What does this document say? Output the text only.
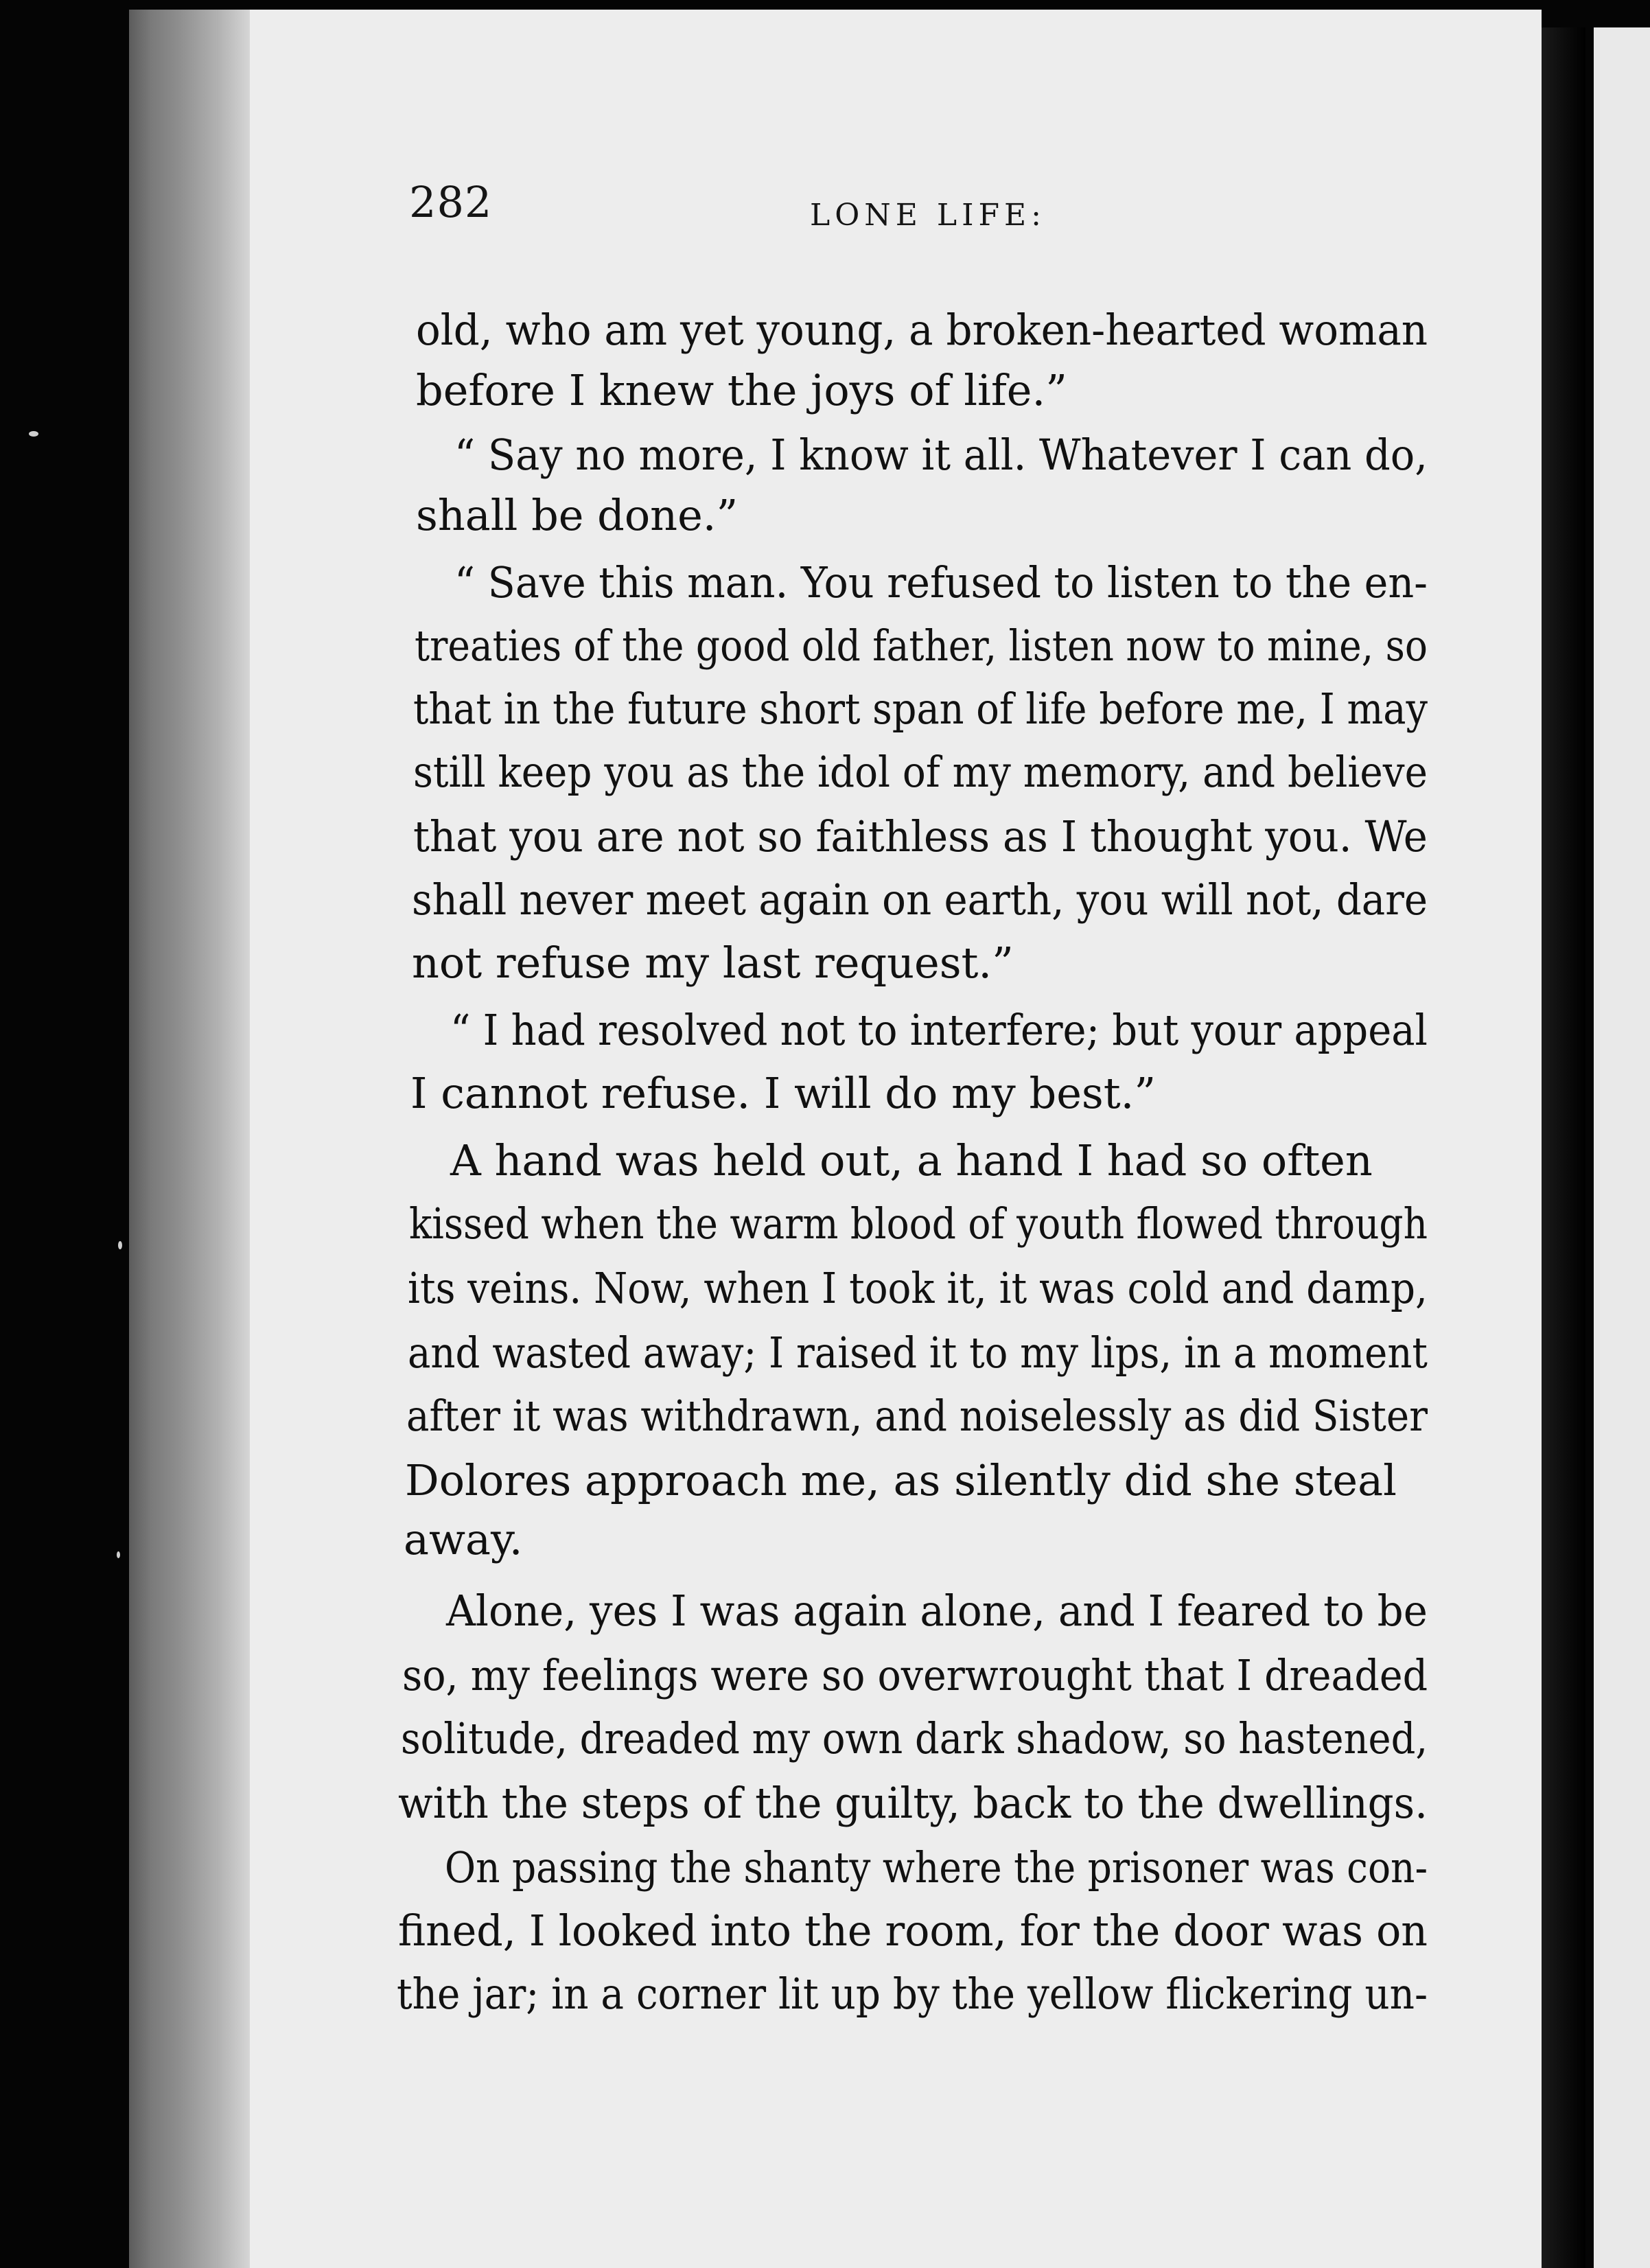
282	LONE LIFE:
old, who am yet young, a broken-hearted woman
before I knew the joys of life.”
“ Say no more, I know it all. Whatever I can do,
shall be done.”
“ Save this man. You refused to listen to the en-
treaties of the good old father, listen now to mine, so
that in the future short span of life before me, I may
still keep you as the idol of my memory, and believe
that you are not so faithless as I thought you. We
shall never meet again on earth, you will not, dare
not refuse my last request.”
“ I had resolved not to interfere; but your appeal
I cannot refuse. I will do my best.”
A hand was held out, a hand I had so often
kissed when the warm blood of youth flowed through
its veins. Now, when I took it, it was cold and damp,
and wasted away; I raised it to my lips, in a moment
after it was withdrawn, and noiselessly as did Sister
Dolores approach me, as silently did she steal
away.
Alone, yes I was again alone, and I feared to be
so, my feelings were so overwrought that I dreaded
solitude, dreaded my own dark shadow, so hastened,
with the steps of the guilty, back to the dwellings.
On passing the shanty where the prisoner was con-
fined, I looked into the room, for the door was on
the jar; in a corner lit up by the yellow flickering un-
